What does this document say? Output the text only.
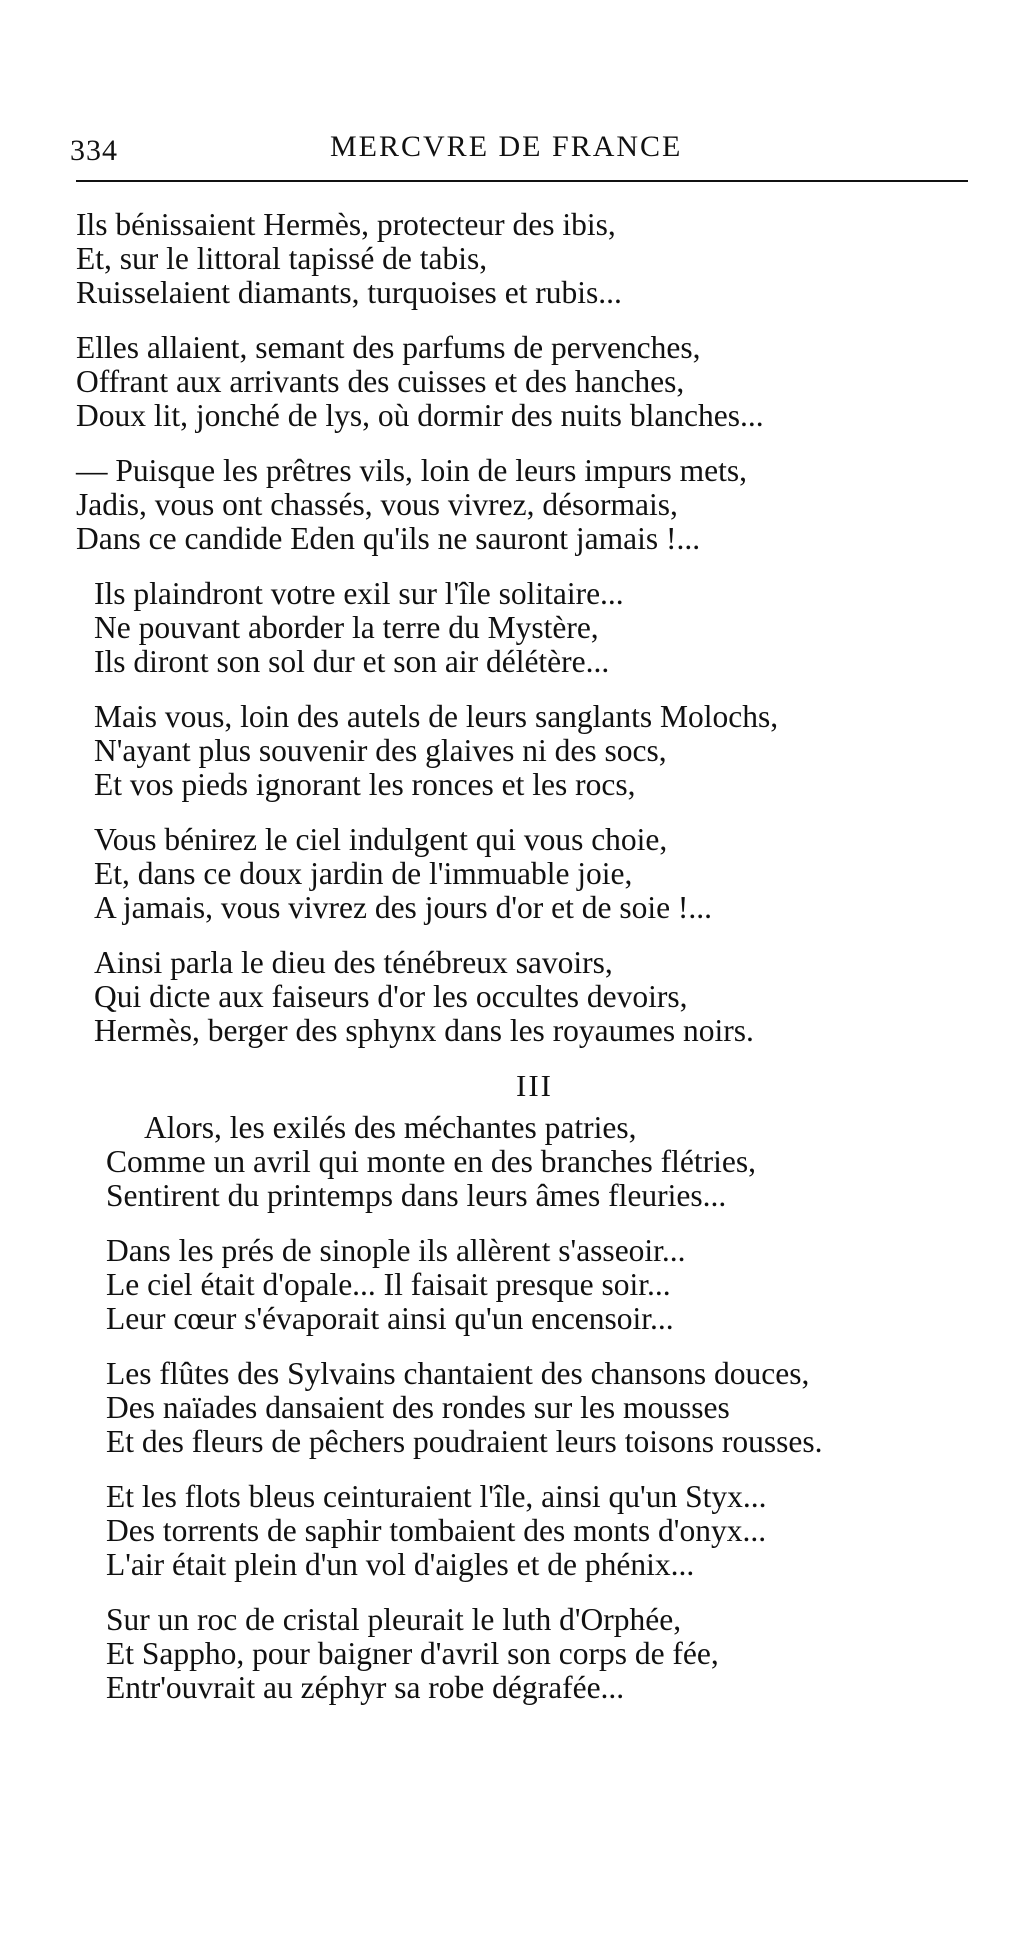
334	MERCVRE DE FRANCE
Ils bénissaient Hermès, protecteur des ibis,
Et, sur le littoral tapissé de tabis,
Ruisselaient diamants, turquoises et rubis...
Elles allaient, semant des parfums de pervenches,
Offrant aux arrivants des cuisses et des hanches,
Doux lit, jonché de lys, où dormir des nuits blanches...
— Puisque les prêtres vils, loin de leurs impurs mets,
Jadis, vous ont chassés, vous vivrez, désormais,
Dans ce candide Eden qu'ils ne sauront jamais !...
Ils plaindront votre exil sur l'île solitaire...
Ne pouvant aborder la terre du Mystère,
Ils diront son sol dur et son air délétère...
Mais vous, loin des autels de leurs sanglants Molochs,
N'ayant plus souvenir des glaives ni des socs,
Et vos pieds ignorant les ronces et les rocs,
Vous bénirez le ciel indulgent qui vous choie,
Et, dans ce doux jardin de l'immuable joie,
A jamais, vous vivrez des jours d'or et de soie !...
Ainsi parla le dieu des ténébreux savoirs,
Qui dicte aux faiseurs d'or les occultes devoirs,
Hermès, berger des sphynx dans les royaumes noirs.
III
Alors, les exilés des méchantes patries,
Comme un avril qui monte en des branches flétries,
Sentirent du printemps dans leurs âmes fleuries...
Dans les prés de sinople ils allèrent s'asseoir...
Le ciel était d'opale... Il faisait presque soir...
Leur cœur s'évaporait ainsi qu'un encensoir...
Les flûtes des Sylvains chantaient des chansons douces,
Des naïades dansaient des rondes sur les mousses
Et des fleurs de pêchers poudraient leurs toisons rousses.
Et les flots bleus ceinturaient l'île, ainsi qu'un Styx...
Des torrents de saphir tombaient des monts d'onyx...
L'air était plein d'un vol d'aigles et de phénix...
Sur un roc de cristal pleurait le luth d'Orphée,
Et Sappho, pour baigner d'avril son corps de fée,
Entr'ouvrait au zéphyr sa robe dégrafée...
